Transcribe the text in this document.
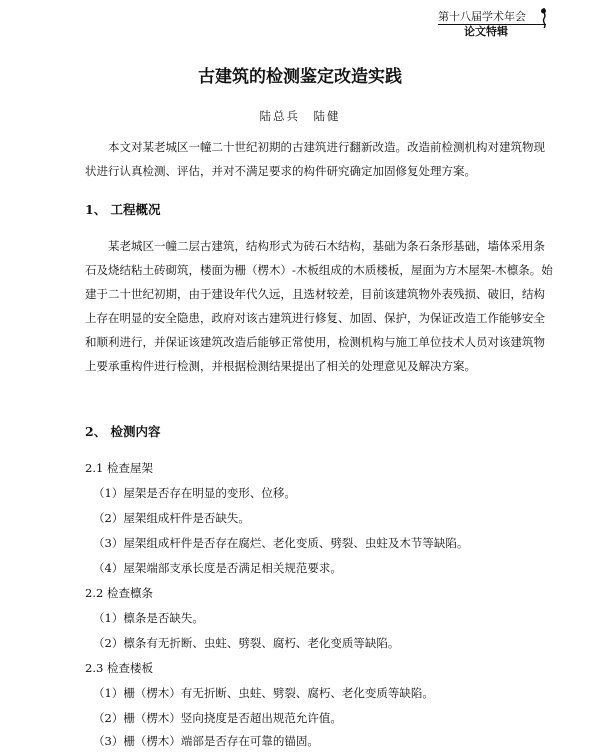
第十八届学术年会
论文特辑
古建筑的检测鉴定改造实践
陆总兵　陆健

本文对某老城区一幢二十世纪初期的古建筑进行翻新改造。改造前检测机构对建筑物现状进行认真检测、评估，并对不满足要求的构件研究确定加固修复处理方案。

1、 工程概况

某老城区一幢二层古建筑，结构形式为砖石木结构，基础为条石条形基础，墙体采用条石及烧结粘土砖砌筑，楼面为栅（楞木）-木板组成的木质楼板，屋面为方木屋架-木檩条。始建于二十世纪初期，由于建设年代久远，且选材较差，目前该建筑物外表残损、破旧，结构上存在明显的安全隐患，政府对该古建筑进行修复、加固、保护，为保证改造工作能够安全和顺利进行，并保证该建筑改造后能够正常使用，检测机构与施工单位技术人员对该建筑物上要承重构件进行检测，并根据检测结果提出了相关的处理意见及解决方案。

2、 检测内容
2.1 检查屋架
（1）屋架是否存在明显的变形、位移。
（2）屋架组成杆件是否缺失。
（3）屋架组成杆件是否存在腐烂、老化变质、劈裂、虫蛀及木节等缺陷。
（4）屋架端部支承长度是否满足相关规范要求。
2.2 检查檩条
（1）檩条是否缺失。
（2）檩条有无折断、虫蛀、劈裂、腐朽、老化变质等缺陷。
2.3 检查楼板
（1）栅（楞木）有无折断、虫蛀、劈裂、腐朽、老化变质等缺陷。
（2）栅（楞木）竖向挠度是否超出规范允许值。
（3）栅（楞木）端部是否存在可靠的锚固。
